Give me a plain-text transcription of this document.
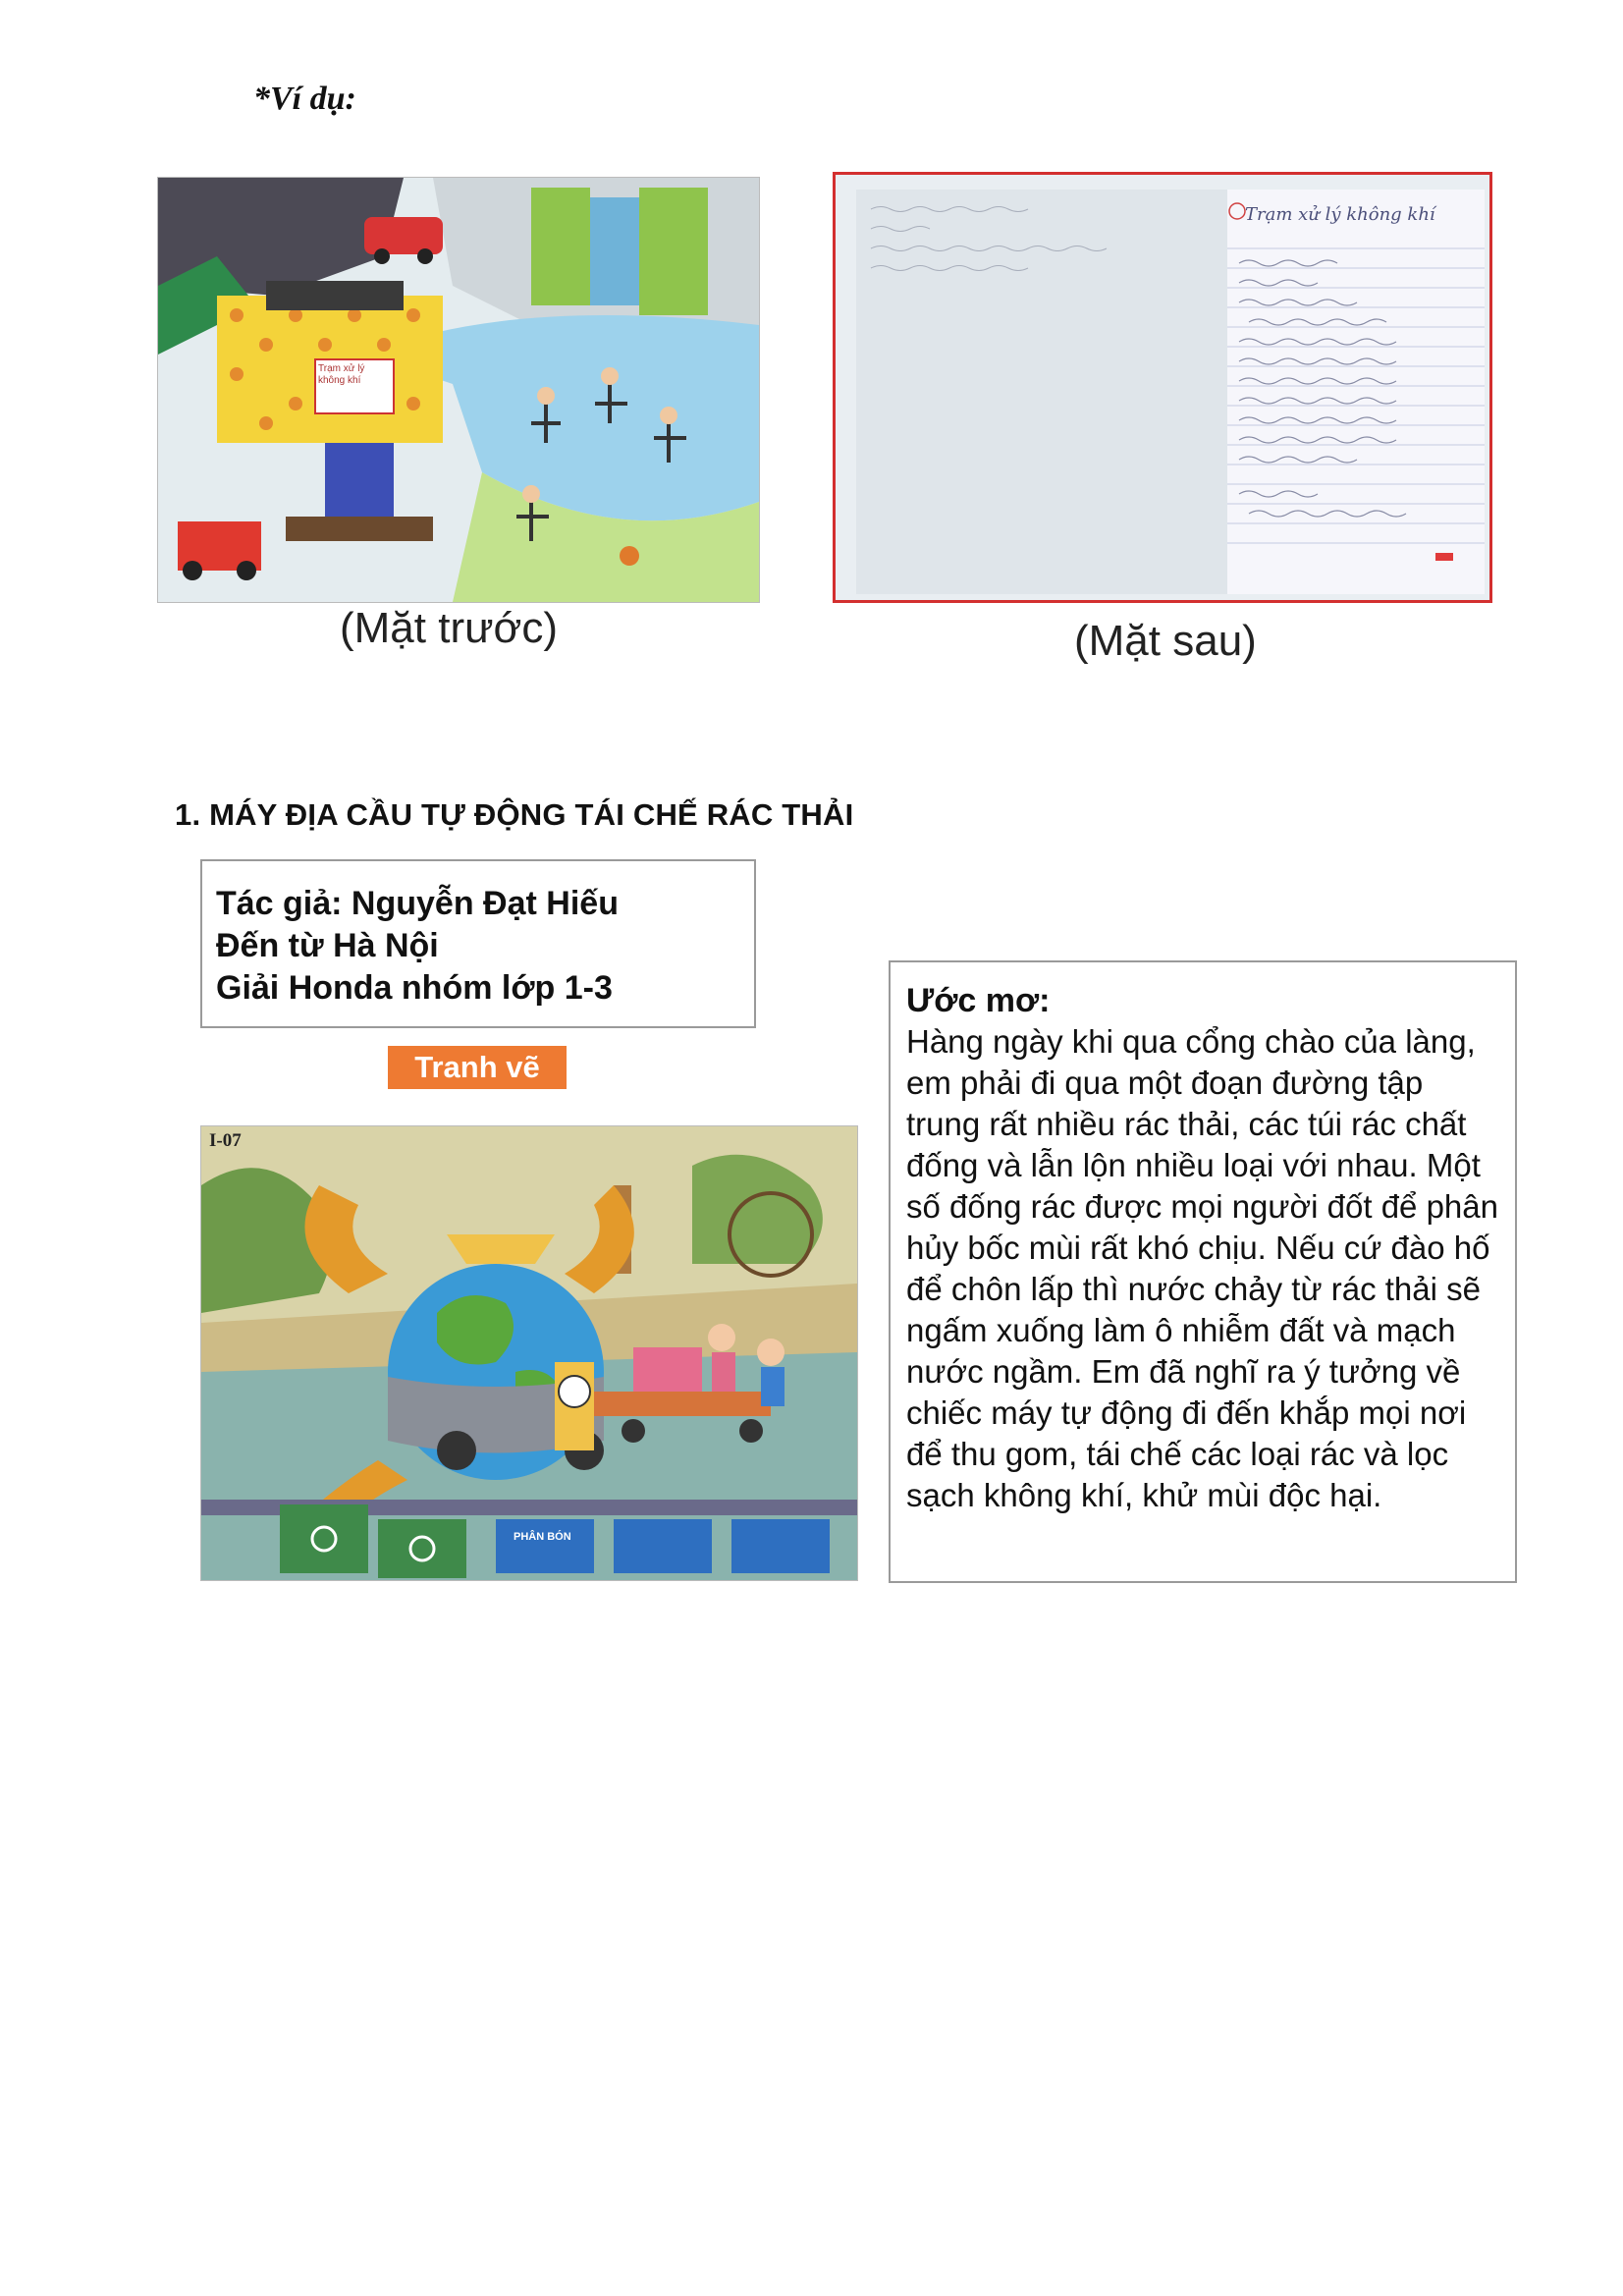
*Ví dụ:
Trạm xử lý không khí
Trạm xử lý không khí
(Mặt trước)	(Mặt sau)
1. MÁY ĐỊA CẦU TỰ ĐỘNG TÁI CHẾ RÁC THẢI
Tác giả: Nguyễn Đạt Hiếu
Đến từ Hà Nội
Giải Honda nhóm lớp 1-3
Tranh vẽ
I-07
PHÂN BÓN
Ước mơ:

Hàng ngày khi qua cổng chào của làng, em phải đi qua một đoạn đường tập trung rất nhiều rác thải, các túi rác chất đống và lẫn lộn nhiều loại với nhau. Một số đống rác được mọi người đốt để phân hủy bốc mùi rất khó chịu. Nếu cứ đào hố để chôn lấp thì nước chảy từ rác thải sẽ ngấm xuống làm ô nhiễm đất và mạch nước ngầm. Em đã nghĩ ra ý tưởng về chiếc máy tự động đi đến khắp mọi nơi để thu gom, tái chế các loại rác và lọc sạch không khí, khử mùi độc hại.
